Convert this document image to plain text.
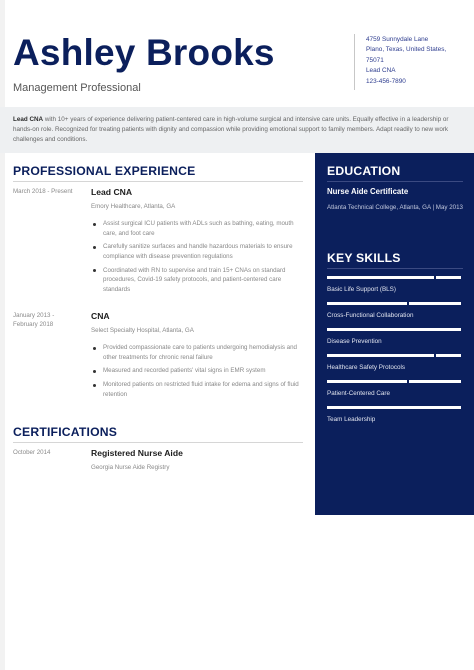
Ashley Brooks
Management Professional
4759 Sunnydale Lane
Plano, Texas, United States,
75071
Lead CNA
123-456-7890
Lead CNA with 10+ years of experience delivering patient-centered care in high-volume surgical and intensive care units. Equally effective in a leadership or hands-on role. Recognized for treating patients with dignity and compassion while providing emotional support to family members. Adapt readily to new work challenges and conditions.
PROFESSIONAL EXPERIENCE
March 2018 - Present	Lead CNA
Emory Healthcare, Atlanta, GA
Assist surgical ICU patients with ADLs such as bathing, eating, mouth care, and foot care
Carefully sanitize surfaces and handle hazardous materials to ensure compliance with disease prevention regulations
Coordinated with RN to supervise and train 15+ CNAs on standard procedures, Covid-19 safety protocols, and patient-centered care standards
January 2013 - February 2018
CNA
Select Specialty Hospital, Atlanta, GA
Provided compassionate care to patients undergoing hemodialysis and other treatments for chronic renal failure
Measured and recorded patients' vital signs in EMR system
Monitored patients on restricted fluid intake for edema and signs of fluid retention
CERTIFICATIONS
October 2014	Registered Nurse Aide
Georgia Nurse Aide Registry
EDUCATION
Nurse Aide Certificate
Atlanta Technical College, Atlanta, GA | May 2013
KEY SKILLS
Basic Life Support (BLS)
Cross-Functional Collaboration
Disease Prevention
Healthcare Safety Protocols
Patient-Centered Care
Team Leadership
